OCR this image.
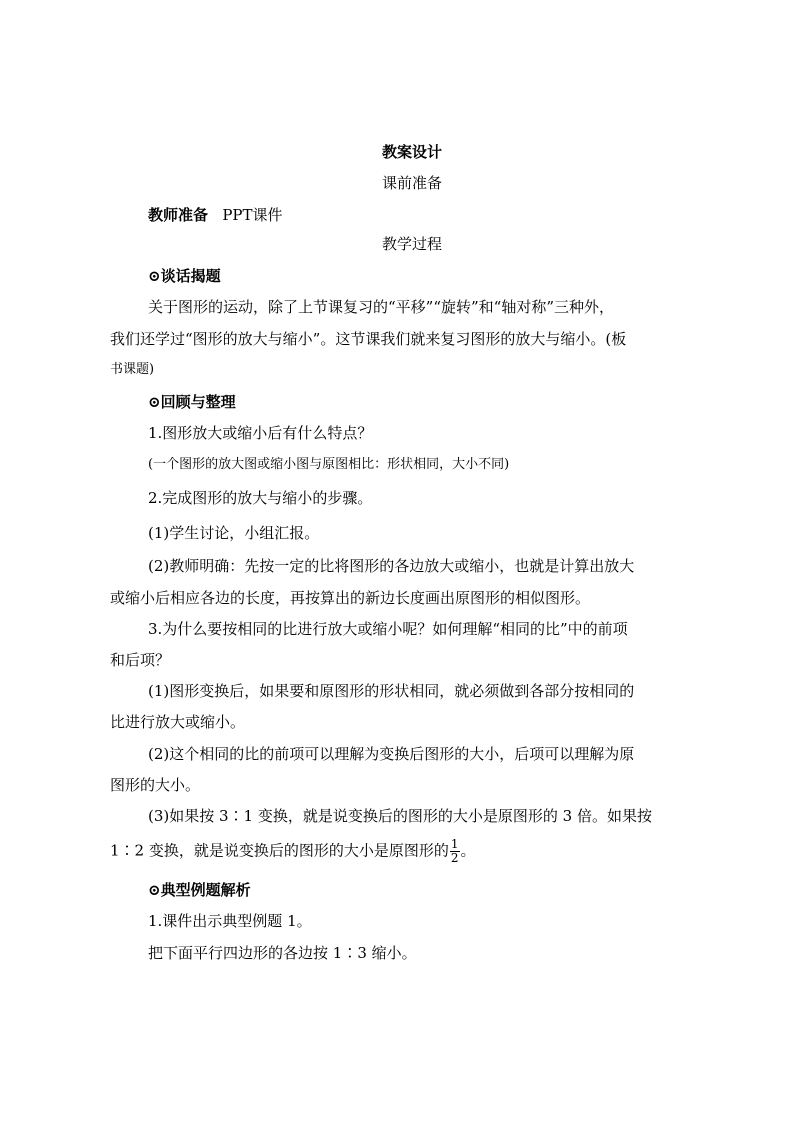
教案设计
课前准备
教师准备 PPT课件
教学过程
⊙谈话揭题
关于图形的运动，除了上节课复习的“平移”“旋转”和“轴对称”三种外，
我们还学过“图形的放大与缩小”。这节课我们就来复习图形的放大与缩小。(板
书课题)
⊙回顾与整理
1.图形放大或缩小后有什么特点？
(一个图形的放大图或缩小图与原图相比：形状相同，大小不同)
2.完成图形的放大与缩小的步骤。
(1)学生讨论，小组汇报。
(2)教师明确：先按一定的比将图形的各边放大或缩小，也就是计算出放大
或缩小后相应各边的长度，再按算出的新边长度画出原图形的相似图形。
3.为什么要按相同的比进行放大或缩小呢？如何理解“相同的比”中的前项
和后项？
(1)图形变换后，如果要和原图形的形状相同，就必须做到各部分按相同的
比进行放大或缩小。
(2)这个相同的比的前项可以理解为变换后图形的大小，后项可以理解为原
图形的大小。
(3)如果按 3∶1 变换，就是说变换后的图形的大小是原图形的 3 倍。如果按
1∶2 变换，就是说变换后的图形的大小是原图形的 $\frac{1}{2}$ 。
⊙典型例题解析
1.课件出示典型例题 1。
把下面平行四边形的各边按 1∶3 缩小。
